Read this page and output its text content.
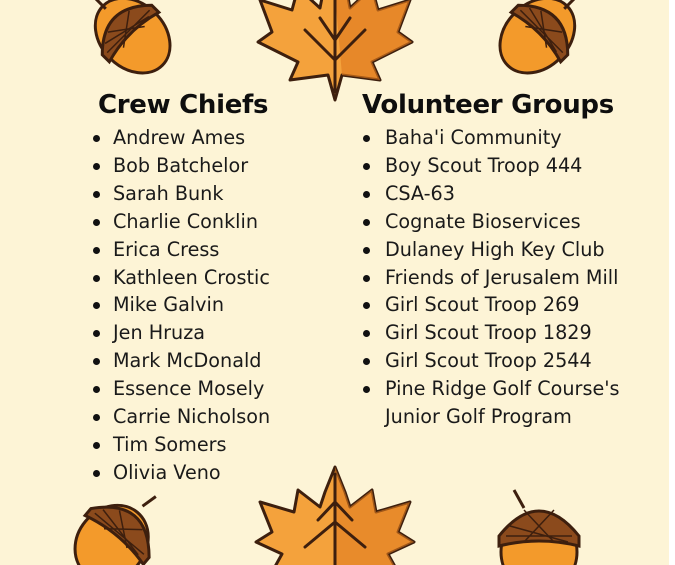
Crew Chiefs
Andrew Ames
Bob Batchelor
Sarah Bunk
Charlie Conklin
Erica Cress
Kathleen Crostic
Mike Galvin
Jen Hruza
Mark McDonald
Essence Mosely
Carrie Nicholson
Tim Somers
Olivia Veno
Volunteer Groups
Baha'i Community
Boy Scout Troop 444
CSA-63
Cognate Bioservices
Dulaney High Key Club
Friends of Jerusalem Mill
Girl Scout Troop 269
Girl Scout Troop 1829
Girl Scout Troop 2544
Pine Ridge Golf Course's
Junior Golf Program
